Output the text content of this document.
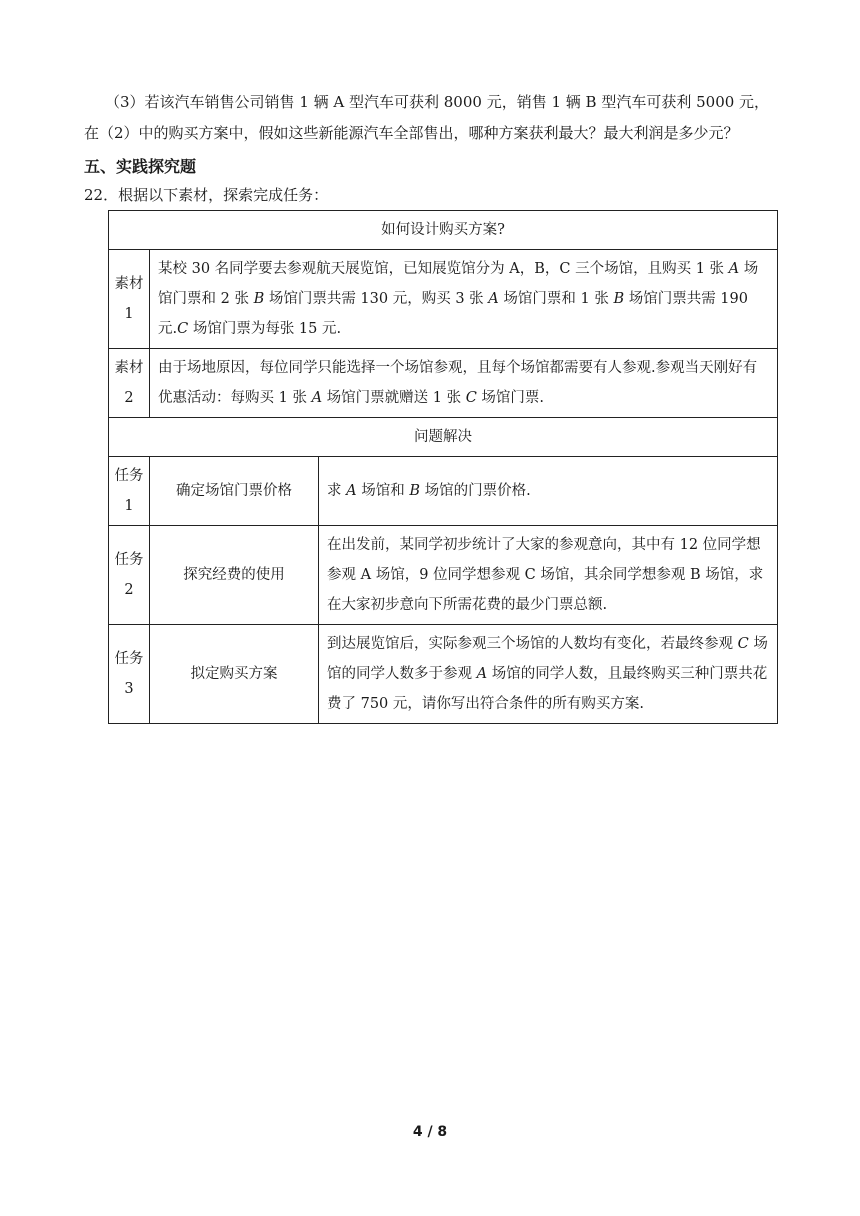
（3）若该汽车销售公司销售 1 辆 A 型汽车可获利 8000 元，销售 1 辆 B 型汽车可获利 5000 元，在（2）中的购买方案中，假如这些新能源汽车全部售出，哪种方案获利最大？最大利润是多少元？
五、实践探究题
22．根据以下素材，探索完成任务：
如何设计购买方案?		
素材 1	某校 30 名同学要去参观航天展览馆，已知展览馆分为 A，B，C 三个场馆，且购买 1 张 A 场馆门票和 2 张 B 场馆门票共需 130 元，购买 3 张 A 场馆门票和 1 张 B 场馆门票共需 190 元.C 场馆门票为每张 15 元.	
素材 2	由于场地原因，每位同学只能选择一个场馆参观，且每个场馆都需要有人参观.参观当天刚好有优惠活动：每购买 1 张 A 场馆门票就赠送 1 张 C 场馆门票.	
问题解决		
任务 1	确定场馆门票价格	求 A 场馆和 B 场馆的门票价格.
任务 2	探究经费的使用	在出发前，某同学初步统计了大家的参观意向，其中有 12 位同学想参观 A 场馆，9 位同学想参观 C 场馆，其余同学想参观 B 场馆，求在大家初步意向下所需花费的最少门票总额.
任务 3	拟定购买方案	到达展览馆后，实际参观三个场馆的人数均有变化，若最终参观 C 场馆的同学人数多于参观 A 场馆的同学人数，且最终购买三种门票共花费了 750 元，请你写出符合条件的所有购买方案.
4 / 8
